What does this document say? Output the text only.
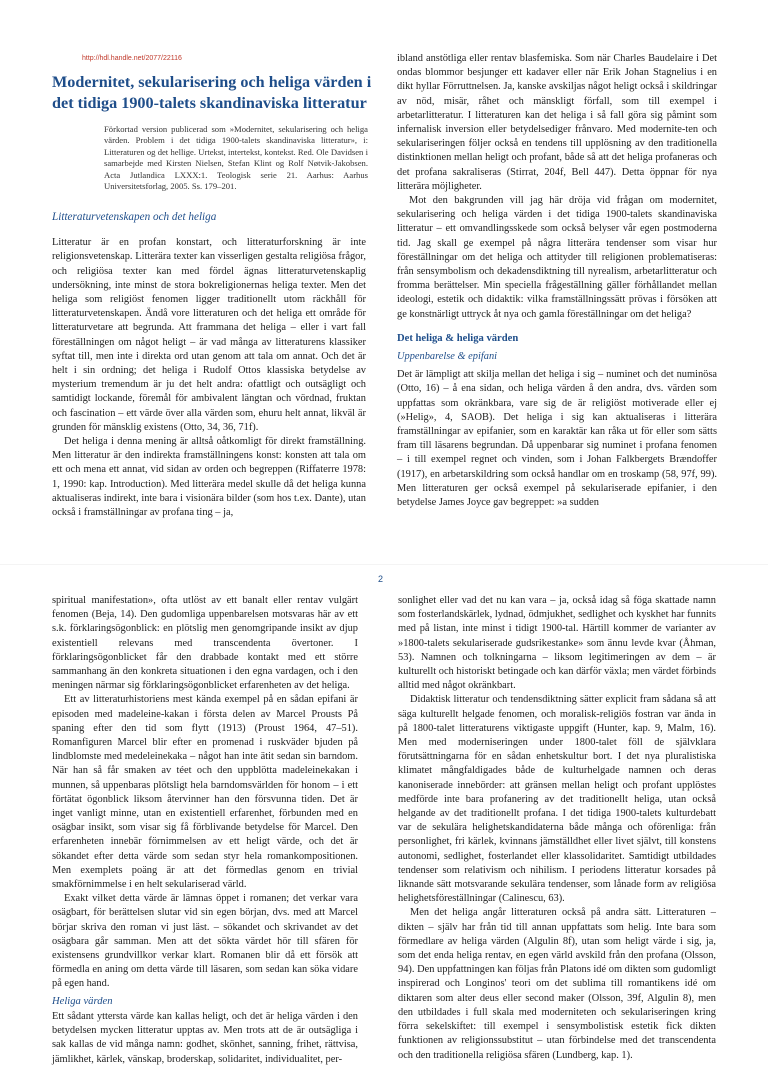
http://hdl.handle.net/2077/22116
Modernitet, sekularisering och heliga värden i det tidiga 1900-talets skandinaviska litteratur
Förkortad version publicerad som »Modernitet, sekularisering och heliga värden. Problem i det tidiga 1900-talets skandinaviska litteratur», i: Litteraturen og det hellige. Urtekst, intertekst, kontekst. Red. Ole Davidsen i samarbejde med Kirsten Nielsen, Stefan Klint og Rolf Nøtvik-Jakobsen. Acta Jutlandica LXXX:1. Teologisk serie 21. Aarhus: Aarhus Universitetsforlag, 2005. Ss. 179–201.
Litteraturvetenskapen och det heliga

Litteratur är en profan konstart, och litteraturforskning är inte religionsvetenskap. Litterära texter kan visserligen gestalta religiösa frågor, och religiösa texter kan med fördel ägnas litteraturvetenskaplig undersökning, inte minst de stora bokreligionernas heliga texter. Men det heliga som religiöst fenomen ligger traditionellt utom räckhåll för litteraturvetenskapen. Ändå vore litteraturen och det heliga ett område för litteraturvetare att begrunda. Att frammana det heliga – eller i vart fall föreställningen om något heligt – är vad många av litteraturens klassiker syftat till, men inte i direkta ord utan genom att tala om annat. Och det är helt i sin ordning; det heliga i Rudolf Ottos klassiska betydelse av mysterium tremendum är ju det helt andra: ofattligt och outsägligt och samtidigt lockande, föremål för ambivalent längtan och vördnad, fruktan och fascination – ett värde över alla värden som, ehuru helt annat, likväl är grunden för mänsklig existens (Otto, 34, 36, 71f).

Det heliga i denna mening är alltså oåtkomligt för direkt framställning. Men litteratur är den indirekta framställningens konst: konsten att tala om ett och mena ett annat, vid sidan av orden och begreppen (Riffaterre 1978: 1, 1990: kap. Introduction). Med litterära medel skulle då det heliga kunna aktualiseras indirekt, inte bara i visionära bilder (som hos t.ex. Dante), utan också i framställningar av profana ting – ja,

ibland anstötliga eller rentav blasfemiska. Som när Charles Baudelaire i Det ondas blommor besjunger ett kadaver eller när Erik Johan Stagnelius i en dikt hyllar Förruttnelsen. Ja, kanske avskiljas något heligt också i skildringar av nöd, misär, råhet och mänskligt förfall, som till exempel i arbetarlitteratur. I litteraturen kan det heliga i så fall göra sig påmint som infernalisk inversion eller betydelsediger frånvaro. Med modernite-ten och sekulariseringen följer också en tendens till upplösning av den traditionella distinktionen mellan heligt och profant, både så att det heliga profaneras och det profana sakraliseras (Stirrat, 204f, Bell 447). Detta öppnar för nya litterära möjligheter.

Mot den bakgrunden vill jag här dröja vid frågan om modernitet, sekularisering och heliga värden i det tidiga 1900-talets skandinaviska litteratur – ett omvandlingsskede som också belyser vår egen postmoderna tid. Jag skall ge exempel på några litterära tendenser som visar hur föreställningar om det heliga och attityder till religionen problematiseras: från sensymbolism och dekadensdiktning till nyrealism, arbetarlitteratur och fromma berättelser. Min speciella frågeställning gäller förhållandet mellan ideologi, estetik och didaktik: vilka framställningssätt prövas i försöken att ge konstnärligt uttryck åt nya och gamla föreställningar om det heliga?

Det heliga & heliga värden
Uppenbarelse & epifani

Det är lämpligt att skilja mellan det heliga i sig – numinet och det numinösa (Otto, 16) – å ena sidan, och heliga värden å den andra, dvs. värden som uppfattas som okränkbara, vare sig de är religiöst motiverade eller ej (»Helig», 4, SAOB). Det heliga i sig kan aktualiseras i litterära framställningar av epifanier, som en karaktär kan råka ut för eller som sätts fram till läsarens begrundan. Då uppenbarar sig numinet i profana fenomen – i till exempel regnet och vinden, som i Johan Falkbergets Brændoffer (1917), en arbetarskildring som också handlar om en troskamp (58, 97f, 99). Men litteraturen ger också exempel på sekulariserade epifanier, i den betydelse James Joyce gav begreppet: »a sudden

2

spiritual manifestation», ofta utlöst av ett banalt eller rentav vulgärt fenomen (Beja, 14). Den gudomliga uppenbarelsen motsvaras här av ett s.k. förklaringsögonblick: en plötslig men genomgripande insikt av djup existentiell relevans med transcendenta övertoner. I förklaringsögonblicket får den drabbade kontakt med ett större sammanhang än den konkreta situationen i den egna vardagen, och i den meningen närmar sig förklaringsögonblicket erfarenheten av det heliga.

Ett av litteraturhistoriens mest kända exempel på en sådan epifani är episoden med madeleine-kakan i första delen av Marcel Prousts På spaning efter den tid som flytt (1913) (Proust 1964, 47–51). Romanfiguren Marcel blir efter en promenad i ruskväder bjuden på lindblomste med medeleinekaka – något han inte ätit sedan sin barndom. När han så får smaken av téet och den uppblötta madeleinekakan i munnen, så uppenbaras plötsligt hela barndomsvärlden för honom – i ett förtätat ögonblick liksom återvinner han den försvunna tiden. Det är inget vanligt minne, utan en existentiell erfarenhet, förbunden med en osägbar insikt, som visar sig få förblivande betydelse för Marcel. Den erfarenheten innebär förnimmelsen av ett heligt värde, och det är sökandet efter detta värde som sedan styr hela romankompositionen. Men exemplets poäng är att det förmedlas genom en trivial smakförnimmelse i en helt sekulariserad värld.

Exakt vilket detta värde är lämnas öppet i romanen; det verkar vara osägbart, för berättelsen slutar vid sin egen början, dvs. med att Marcel börjar skriva den roman vi just läst. – sökandet och skrivandet av det osägbara går samman. Men att det sökta värdet hör till sfären för existensens grundvillkor verkar klart. Romanen blir då ett försök att förmedla en aning om detta värde till läsaren, som sedan kan söka vidare på egen hand.

Heliga värden

Ett sådant yttersta värde kan kallas heligt, och det är heliga värden i den betydelsen mycken litteratur upptas av. Men trots att de är outsägliga i sak kallas de vid många namn: godhet, skönhet, sanning, frihet, rättvisa, jämlikhet, kärlek, vänskap, broderskap, solidaritet, individualitet, per-

sonlighet eller vad det nu kan vara – ja, också idag så föga skattade namn som fosterlandskärlek, lydnad, ödmjukhet, sedlighet och kyskhet har funnits med på listan, inte minst i tidigt 1900-tal. Härtill kommer de varianter av »1800-talets sekulariserade gudsrikestanke» som ännu levde kvar (Åhman, 53). Namnen och tolkningarna – liksom legitimeringen av dem – är kulturellt och historiskt betingade och kan därför växla; men värdet förbinds alltid med något okränkbart.

Didaktisk litteratur och tendensdiktning sätter explicit fram sådana så att säga kulturellt helgade fenomen, och moralisk-religiös fostran var ända in på 1800-talet litteraturens viktigaste uppgift (Hunter, kap. 9, Malm, 16). Men med moderniseringen under 1800-talet föll de självklara förutsättningarna för en sådan enhetskultur bort. I det nya pluralistiska klimatet mångfaldigades både de kulturhelgade namnen och deras kanoniserade innebörder: att gränsen mellan heligt och profant upplöstes medförde inte bara profanering av det traditionellt heliga, utan också helgande av det traditionellt profana. I det tidiga 1900-talets kulturdebatt var de sekulära helighetskandidaterna både många och oförenliga: från personlighet, fri kärlek, kvinnans jämställdhet eller livet självt, till konstens autonomi, sedlighet, fosterlandet eller klassolidaritet. Samtidigt utbildades tendenser som relativism och nihilism. I periodens litteratur korsades på liknande sätt motsvarande sekulära tendenser, som lånade form av religiösa helighetsföreställningar (Calinescu, 63).

Men det heliga angår litteraturen också på andra sätt. Litteraturen – dikten – själv har från tid till annan uppfattats som helig. Inte bara som förmedlare av heliga värden (Algulin 8f), utan som heligt värde i sig, ja, som det enda heliga rentav, en egen värld avskild från den profana (Olsson, 94). Den uppfattningen kan följas från Platons idé om dikten som gudomligt inspirerad och Longinos' teori om det sublima till romantikens idé om diktaren som alter deus eller second maker (Olsson, 39f, Algulin 8), men den utbildades i full skala med moderniteten och sekulariseringen kring förra sekelskiftet: till exempel i sensymbolistisk estetik fick dikten funktionen av religionssubstitut – utan förbindelse med det transcendenta och den traditionella religiösa sfären (Lundberg, kap. 1).
